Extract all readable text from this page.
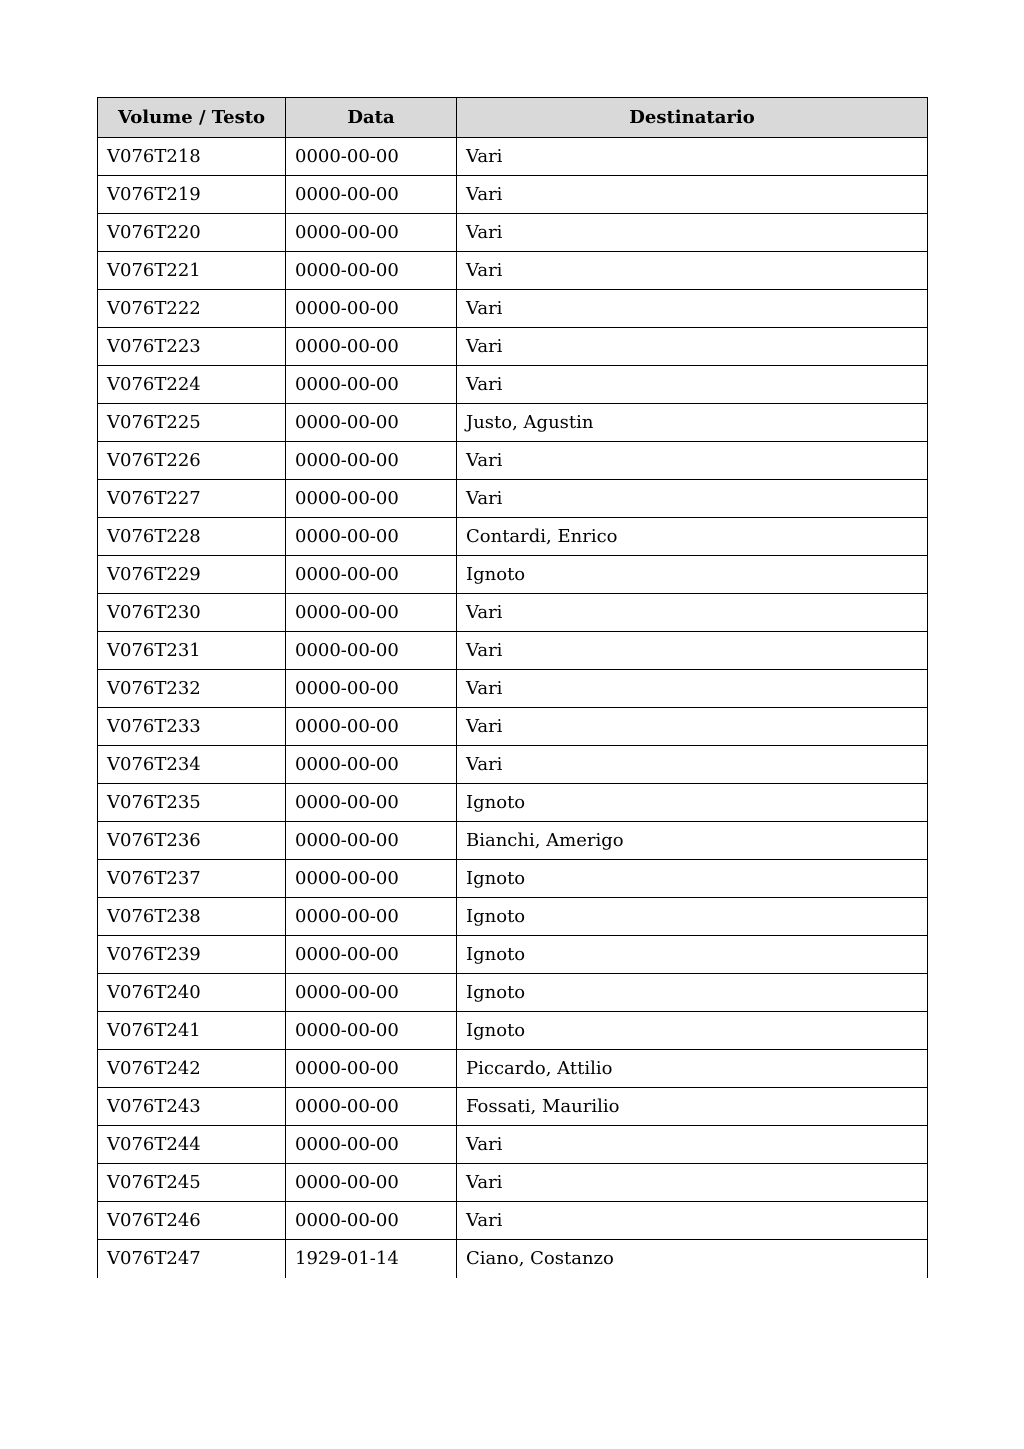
Volume / Testo	Data	Destinatario
V076T218	0000-00-00	Vari
V076T219	0000-00-00	Vari
V076T220	0000-00-00	Vari
V076T221	0000-00-00	Vari
V076T222	0000-00-00	Vari
V076T223	0000-00-00	Vari
V076T224	0000-00-00	Vari
V076T225	0000-00-00	Justo, Agustin
V076T226	0000-00-00	Vari
V076T227	0000-00-00	Vari
V076T228	0000-00-00	Contardi, Enrico
V076T229	0000-00-00	Ignoto
V076T230	0000-00-00	Vari
V076T231	0000-00-00	Vari
V076T232	0000-00-00	Vari
V076T233	0000-00-00	Vari
V076T234	0000-00-00	Vari
V076T235	0000-00-00	Ignoto
V076T236	0000-00-00	Bianchi, Amerigo
V076T237	0000-00-00	Ignoto
V076T238	0000-00-00	Ignoto
V076T239	0000-00-00	Ignoto
V076T240	0000-00-00	Ignoto
V076T241	0000-00-00	Ignoto
V076T242	0000-00-00	Piccardo, Attilio
V076T243	0000-00-00	Fossati, Maurilio
V076T244	0000-00-00	Vari
V076T245	0000-00-00	Vari
V076T246	0000-00-00	Vari
V076T247	1929-01-14	Ciano, Costanzo
